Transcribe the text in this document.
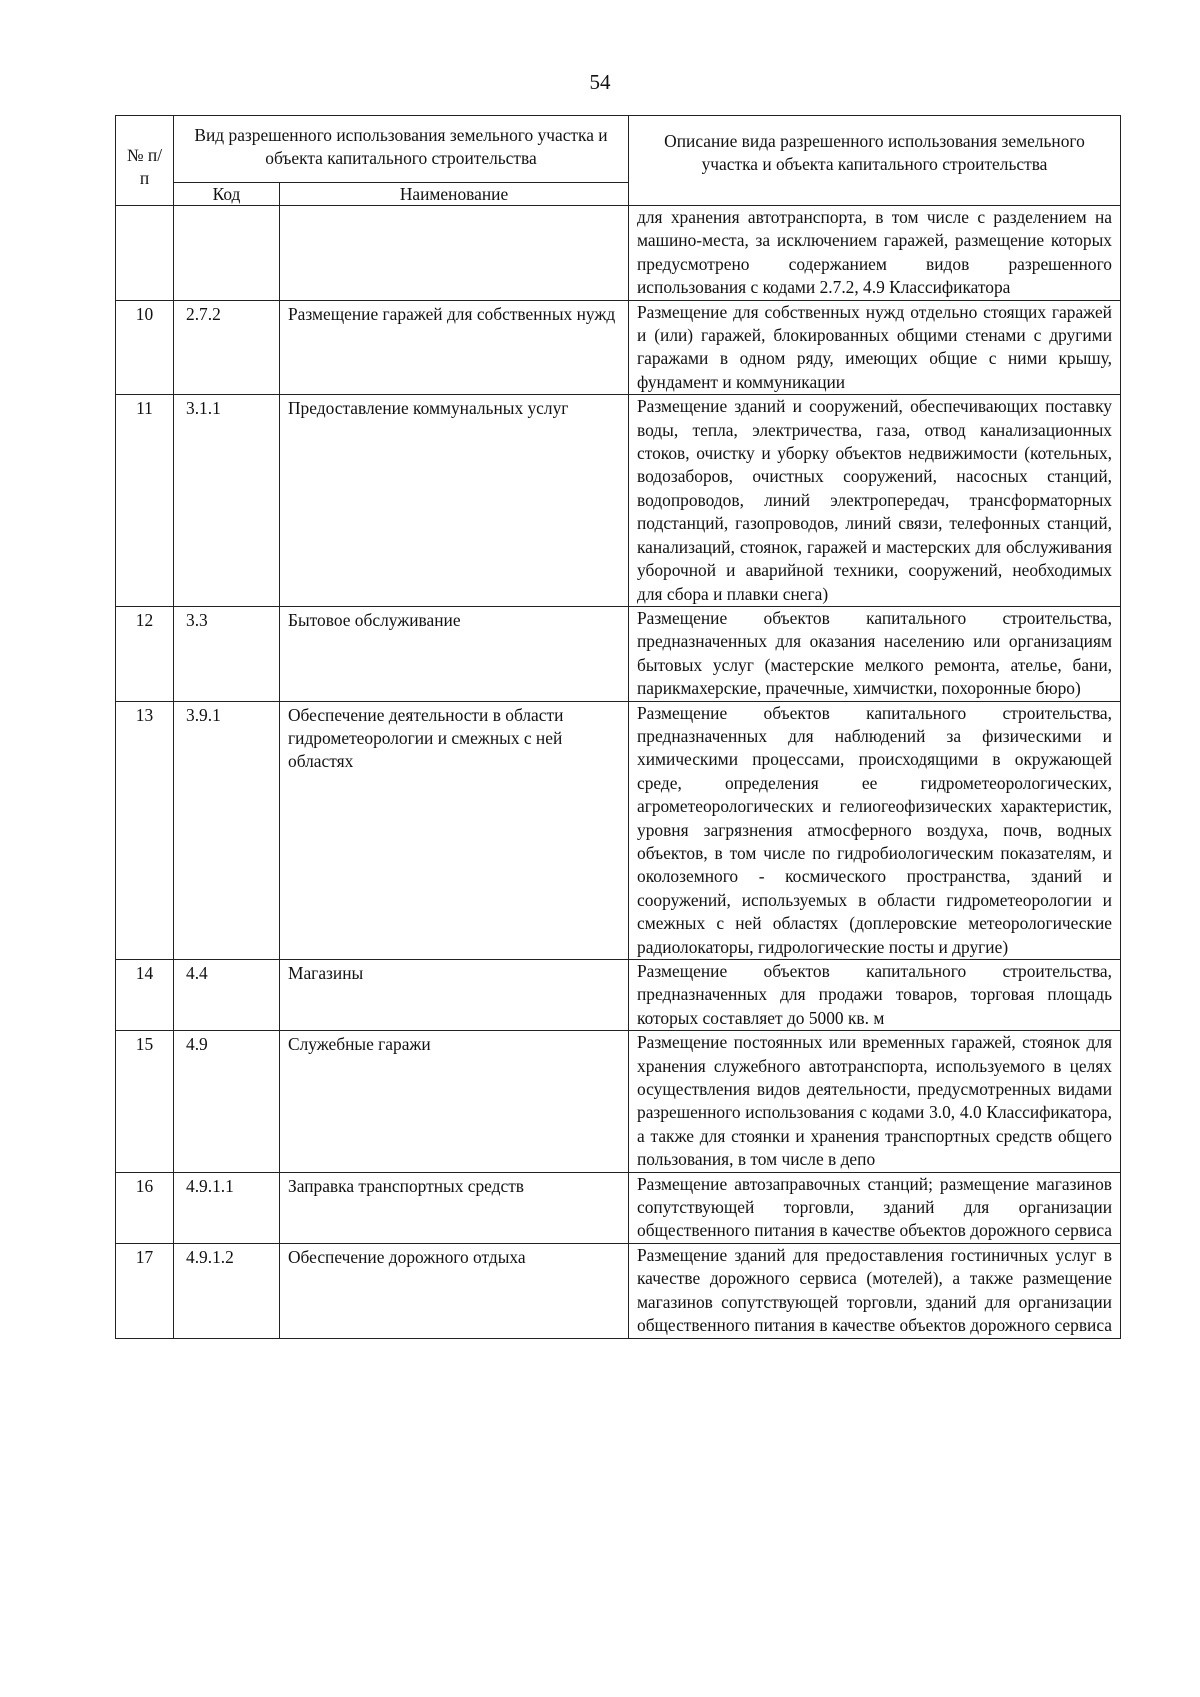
54
№ п/п	Вид разрешенного использования земельного участка и объекта капитального строительства		Описание вида разрешенного использования земельного участка и объекта капитального строительства
	Код	Наименование	
			для хранения автотранспорта, в том числе с разделением на машино-места, за исключением гаражей, размещение которых предусмотрено содержанием видов разрешенного использования с кодами 2.7.2, 4.9 Классификатора
10	2.7.2	Размещение гаражей для собственных нужд	Размещение для собственных нужд отдельно стоящих гаражей и (или) гаражей, блокированных общими стенами с другими гаражами в одном ряду, имеющих общие с ними крышу, фундамент и коммуникации
11	3.1.1	Предоставление коммунальных услуг	Размещение зданий и сооружений, обеспечивающих поставку воды, тепла, электричества, газа, отвод канализационных стоков, очистку и уборку объектов недвижимости (котельных, водозаборов, очистных сооружений, насосных станций, водопроводов, линий электропередач, трансформаторных подстанций, газопроводов, линий связи, телефонных станций, канализаций, стоянок, гаражей и мастерских для обслуживания уборочной и аварийной техники, сооружений, необходимых для сбора и плавки снега)
12	3.3	Бытовое обслуживание	Размещение объектов капитального строительства, предназначенных для оказания населению или организациям бытовых услуг (мастерские мелкого ремонта, ателье, бани, парикмахерские, прачечные, химчистки, похоронные бюро)
13	3.9.1	Обеспечение деятельности в области гидрометеорологии и смежных с ней областях	Размещение объектов капитального строительства, предназначенных для наблюдений за физическими и химическими процессами, происходящими в окружающей среде, определения ее гидрометеорологических, агрометеорологических и гелиогеофизических характеристик, уровня загрязнения атмосферного воздуха, почв, водных объектов, в том числе по гидробиологическим показателям, и околоземного - космического пространства, зданий и сооружений, используемых в области гидрометеорологии и смежных с ней областях (доплеровские метеорологические радиолокаторы, гидрологические посты и другие)
14	4.4	Магазины	Размещение объектов капитального строительства, предназначенных для продажи товаров, торговая площадь которых составляет до 5000 кв. м
15	4.9	Служебные гаражи	Размещение постоянных или временных гаражей, стоянок для хранения служебного автотранспорта, используемого в целях осуществления видов деятельности, предусмотренных видами разрешенного использования с кодами 3.0, 4.0 Классификатора, а также для стоянки и хранения транспортных средств общего пользования, в том числе в депо
16	4.9.1.1	Заправка транспортных средств	Размещение автозаправочных станций; размещение магазинов сопутствующей торговли, зданий для организации общественного питания в качестве объектов дорожного сервиса
17	4.9.1.2	Обеспечение дорожного отдыха	Размещение зданий для предоставления гостиничных услуг в качестве дорожного сервиса (мотелей), а также размещение магазинов сопутствующей торговли, зданий для организации общественного питания в качестве объектов дорожного сервиса
